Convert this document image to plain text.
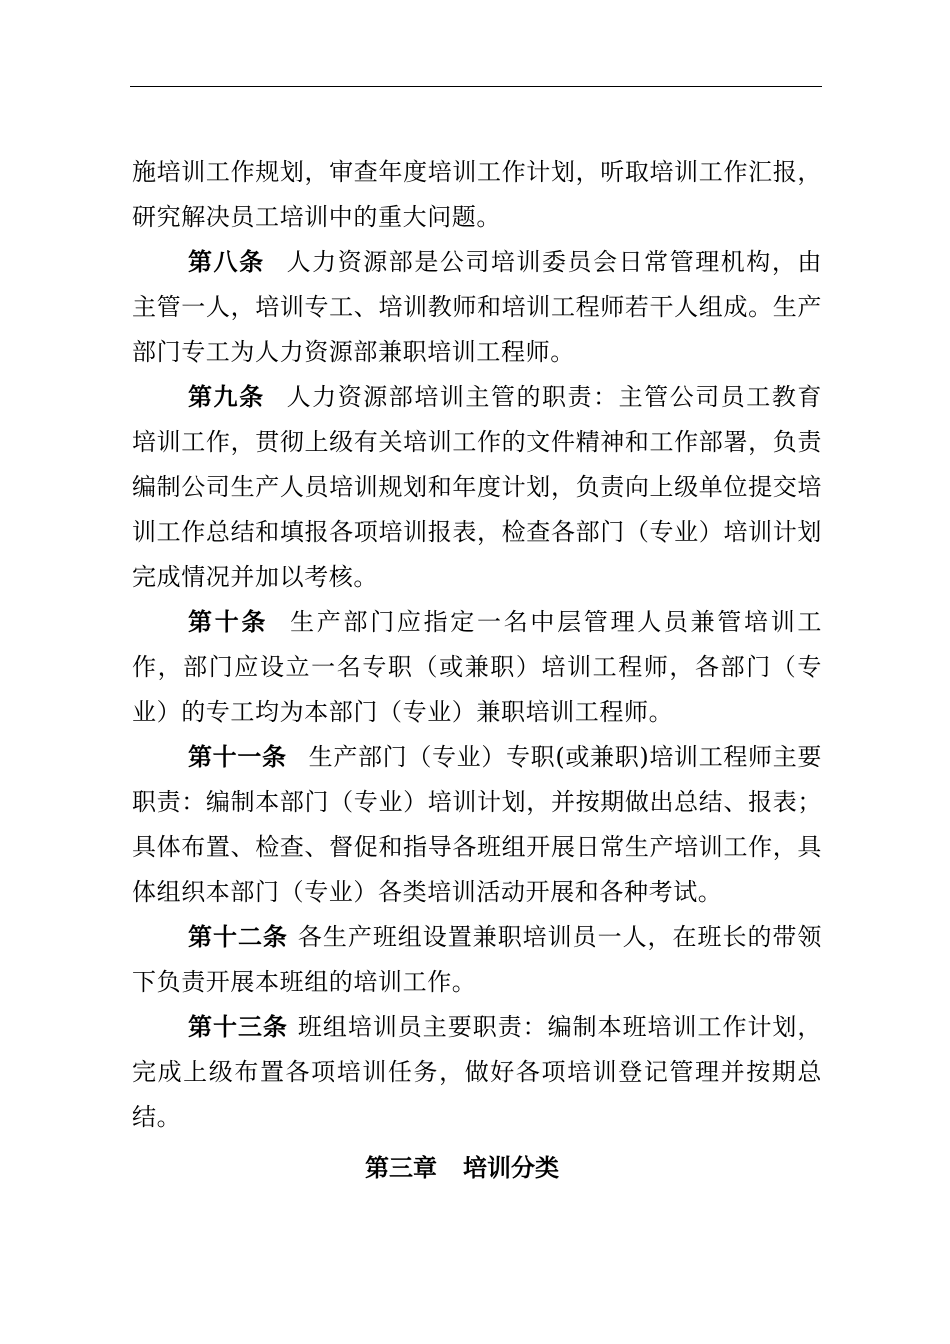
施培训工作规划，审查年度培训工作计划，听取培训工作汇报，研究解决员工培训中的重大问题。

第八条 人力资源部是公司培训委员会日常管理机构，由主管一人，培训专工、培训教师和培训工程师若干人组成。生产部门专工为人力资源部兼职培训工程师。

第九条 人力资源部培训主管的职责：主管公司员工教育培训工作，贯彻上级有关培训工作的文件精神和工作部署，负责编制公司生产人员培训规划和年度计划，负责向上级单位提交培训工作总结和填报各项培训报表，检查各部门（专业）培训计划完成情况并加以考核。

第十条 生产部门应指定一名中层管理人员兼管培训工作，部门应设立一名专职（或兼职）培训工程师，各部门（专业）的专工均为本部门（专业）兼职培训工程师。

第十一条 生产部门（专业）专职(或兼职)培训工程师主要职责：编制本部门（专业）培训计划，并按期做出总结、报表；具体布置、检查、督促和指导各班组开展日常生产培训工作，具体组织本部门（专业）各类培训活动开展和各种考试。

第十二条 各生产班组设置兼职培训员一人，在班长的带领下负责开展本班组的培训工作。

第十三条 班组培训员主要职责：编制本班培训工作计划，完成上级布置各项培训任务，做好各项培训登记管理并按期总结。

第三章 培训分类
